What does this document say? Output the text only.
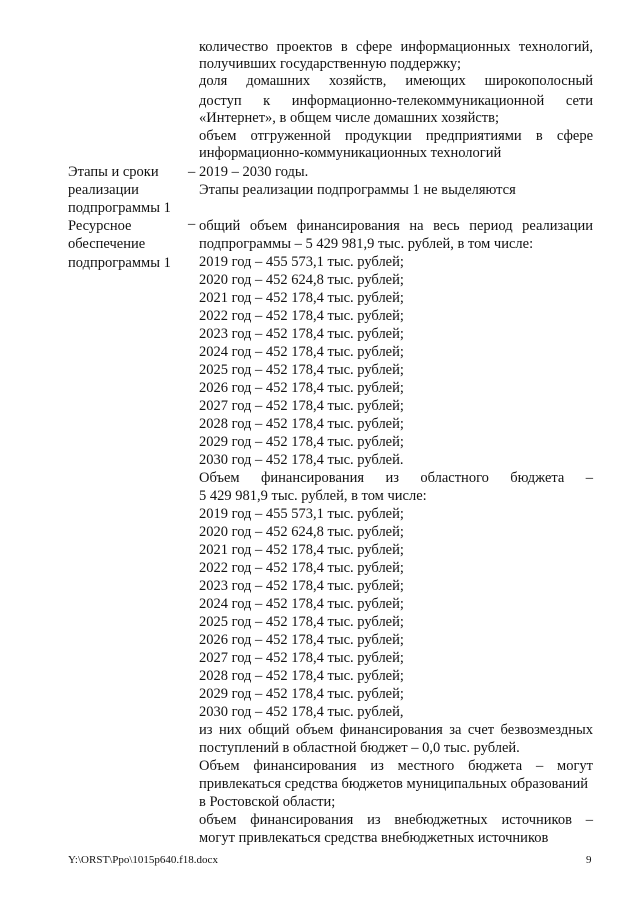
количество проектов в сфере информационных технологий,
получивших государственную поддержку;
доля домашних хозяйств, имеющих широкополосный
доступ к информационно-телекоммуникационной сети
«Интернет», в общем числе домашних хозяйств;
объем отгруженной продукции предприятиями в сфере
информационно-коммуникационных технологий
Этапы и сроки
реализации
подпрограммы 1
– 2019 – 2030 годы.
Этапы реализации подпрограммы 1 не выделяются
Ресурсное
обеспечение
подпрограммы 1
– общий объем финансирования на весь период реализации
подпрограммы – 5 429 981,9 тыс. рублей, в том числе:
2019 год – 455 573,1 тыс. рублей;
2020 год – 452 624,8 тыс. рублей;
2021 год – 452 178,4 тыс. рублей;
2022 год – 452 178,4 тыс. рублей;
2023 год – 452 178,4 тыс. рублей;
2024 год – 452 178,4 тыс. рублей;
2025 год – 452 178,4 тыс. рублей;
2026 год – 452 178,4 тыс. рублей;
2027 год – 452 178,4 тыс. рублей;
2028 год – 452 178,4 тыс. рублей;
2029 год – 452 178,4 тыс. рублей;
2030 год – 452 178,4 тыс. рублей.
Объем финансирования из областного бюджета –
5 429 981,9 тыс. рублей, в том числе:
2019 год – 455 573,1 тыс. рублей;
2020 год – 452 624,8 тыс. рублей;
2021 год – 452 178,4 тыс. рублей;
2022 год – 452 178,4 тыс. рублей;
2023 год – 452 178,4 тыс. рублей;
2024 год – 452 178,4 тыс. рублей;
2025 год – 452 178,4 тыс. рублей;
2026 год – 452 178,4 тыс. рублей;
2027 год – 452 178,4 тыс. рублей;
2028 год – 452 178,4 тыс. рублей;
2029 год – 452 178,4 тыс. рублей;
2030 год – 452 178,4 тыс. рублей,
из них общий объем финансирования за счет безвозмездных
поступлений в областной бюджет – 0,0 тыс. рублей.
Объем финансирования из местного бюджета – могут
привлекаться средства бюджетов муниципальных образований
в Ростовской области;
объем финансирования из внебюджетных источников –
могут привлекаться средства внебюджетных источников
Y:\ORST\Ppo\1015p640.f18.docx	9
